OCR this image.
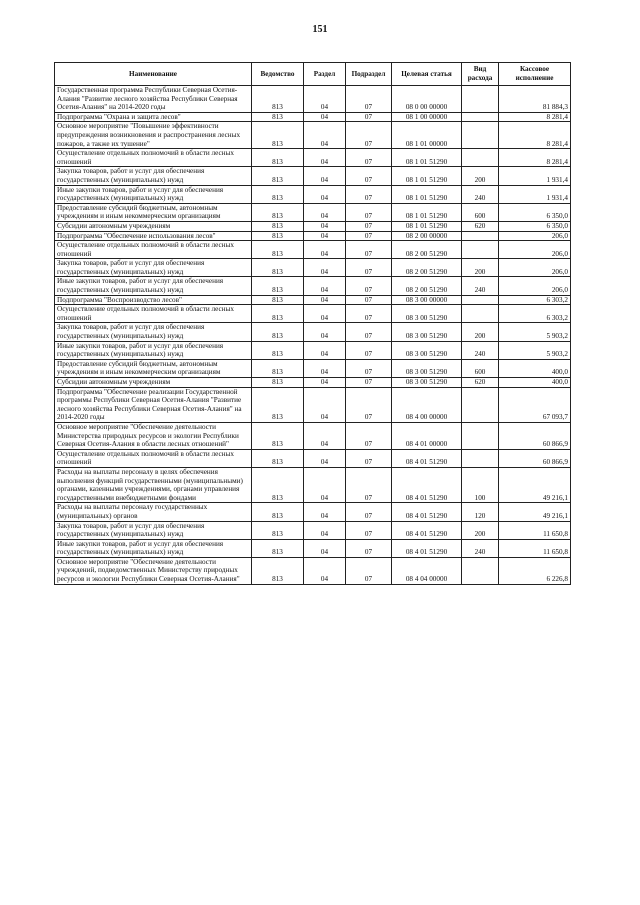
151
Наименование	Ведомство	Раздел	Подраздел	Целевая статья	Вид расхода	Кассовое исполнение
Государственная программа Республики Северная Осетия-Алания "Развитие лесного хозяйства Республики Северная Осетия-Алания" на 2014-2020 годы	813	04	07	08 0 00 00000		81 884,3
Подпрограмма "Охрана и защита лесов"	813	04	07	08 1 00 00000		8 281,4
Основное мероприятие "Повышение эффективности предупреждения возникновения и распространения лесных пожаров, а также их тушение"	813	04	07	08 1 01 00000		8 281,4
Осуществление отдельных полномочий в области лесных отношений	813	04	07	08 1 01 51290		8 281,4
Закупка товаров, работ и услуг для обеспечения государственных (муниципальных) нужд	813	04	07	08 1 01 51290	200	1 931,4
Иные закупки товаров, работ и услуг для обеспечения государственных (муниципальных) нужд	813	04	07	08 1 01 51290	240	1 931,4
Предоставление субсидий бюджетным, автономным учреждениям и иным некоммерческим организациям	813	04	07	08 1 01 51290	600	6 350,0
Субсидии автономным учреждениям	813	04	07	08 1 01 51290	620	6 350,0
Подпрограмма "Обеспечение использования лесов"	813	04	07	08 2 00 00000		206,0
Осуществление отдельных полномочий в области лесных отношений	813	04	07	08 2 00 51290		206,0
Закупка товаров, работ и услуг для обеспечения государственных (муниципальных) нужд	813	04	07	08 2 00 51290	200	206,0
Иные закупки товаров, работ и услуг для обеспечения государственных (муниципальных) нужд	813	04	07	08 2 00 51290	240	206,0
Подпрограмма "Воспроизводство лесов"	813	04	07	08 3 00 00000		6 303,2
Осуществление отдельных полномочий в области лесных отношений	813	04	07	08 3 00 51290		6 303,2
Закупка товаров, работ и услуг для обеспечения государственных (муниципальных) нужд	813	04	07	08 3 00 51290	200	5 903,2
Иные закупки товаров, работ и услуг для обеспечения государственных (муниципальных) нужд	813	04	07	08 3 00 51290	240	5 903,2
Предоставление субсидий бюджетным, автономным учреждениям и иным некоммерческим организациям	813	04	07	08 3 00 51290	600	400,0
Субсидии автономным учреждениям	813	04	07	08 3 00 51290	620	400,0
Подпрограмма "Обеспечение реализации Государственной программы Республики Северная Осетия-Алания "Развитие лесного хозяйства Республики Северная Осетия-Алания" на 2014-2020 годы	813	04	07	08 4 00 00000		67 093,7
Основное мероприятие "Обеспечение деятельности Министерства природных ресурсов и экологии Республики Северная Осетия-Алания в области лесных отношений"	813	04	07	08 4 01 00000		60 866,9
Осуществление отдельных полномочий в области лесных отношений	813	04	07	08 4 01 51290		60 866,9
Расходы на выплаты персоналу в целях обеспечения выполнения функций государственными (муниципальными) органами, казенными учреждениями, органами управления государственными внебюджетными фондами	813	04	07	08 4 01 51290	100	49 216,1
Расходы на выплаты персоналу государственных (муниципальных) органов	813	04	07	08 4 01 51290	120	49 216,1
Закупка товаров, работ и услуг для обеспечения государственных (муниципальных) нужд	813	04	07	08 4 01 51290	200	11 650,8
Иные закупки товаров, работ и услуг для обеспечения государственных (муниципальных) нужд	813	04	07	08 4 01 51290	240	11 650,8
Основное мероприятие "Обеспечение деятельности учреждений, подведомственных Министерству природных ресурсов и экологии Республики Северная Осетия-Алания"	813	04	07	08 4 04 00000		6 226,8
